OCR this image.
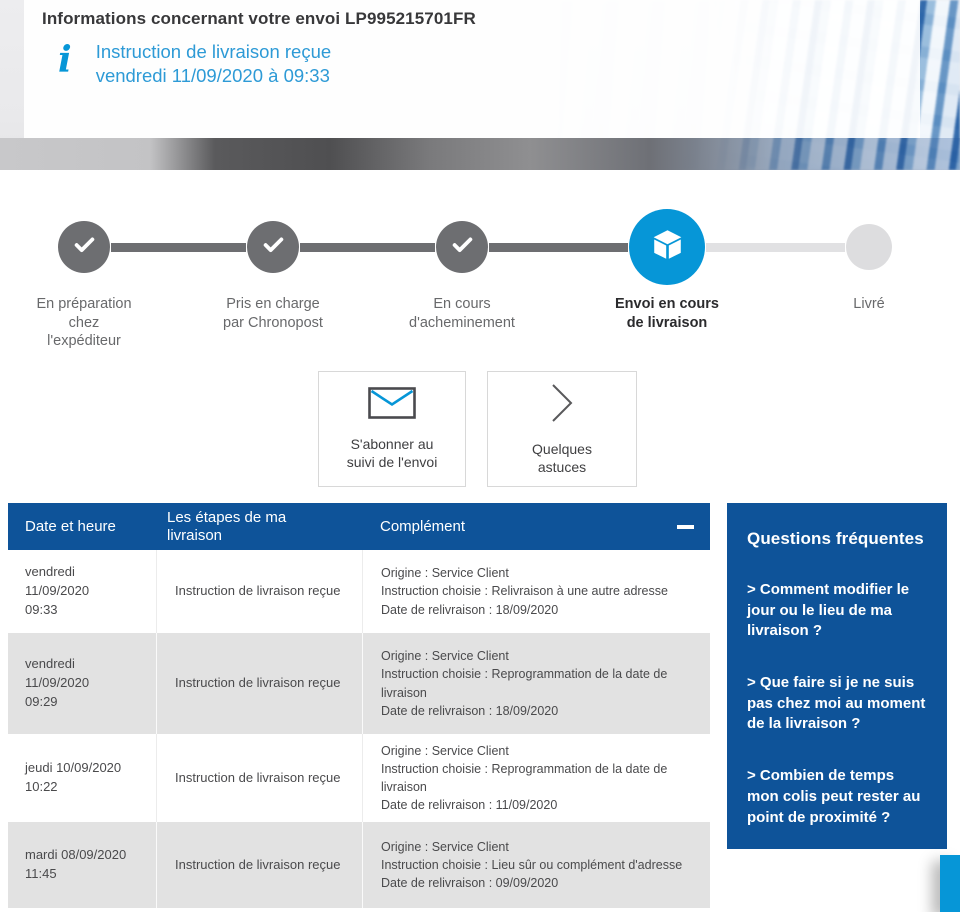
Informations concernant votre envoi LP995215701FR
i Instruction de livraison reçue
vendredi 11/09/2020 à 09:33
En préparation
chez
l'expéditeur
Pris en charge
par Chronopost
En cours
d'acheminement
Envoi en cours
de livraison
Livré
S'abonner au
suivi de l'envoi
Quelques
astuces
Date et heure
Les étapes de ma livraison
Complément
vendredi
11/09/2020
09:33
Instruction de livraison reçue
Origine : Service Client
Instruction choisie : Relivraison à une autre adresse
Date de relivraison : 18/09/2020
vendredi
11/09/2020
09:29
Instruction de livraison reçue
Origine : Service Client
Instruction choisie : Reprogrammation de la date de livraison
Date de relivraison : 18/09/2020
jeudi 10/09/2020
10:22
Instruction de livraison reçue
Origine : Service Client
Instruction choisie : Reprogrammation de la date de livraison
Date de relivraison : 11/09/2020
mardi 08/09/2020
11:45
Instruction de livraison reçue
Origine : Service Client
Instruction choisie : Lieu sûr ou complément d'adresse
Date de relivraison : 09/09/2020
Questions fréquentes
> Comment modifier le jour ou le lieu de ma livraison ?
> Que faire si je ne suis pas chez moi au moment de la livraison ?
> Combien de temps mon colis peut rester au point de proximité ?
Voir toutes les FAQ
